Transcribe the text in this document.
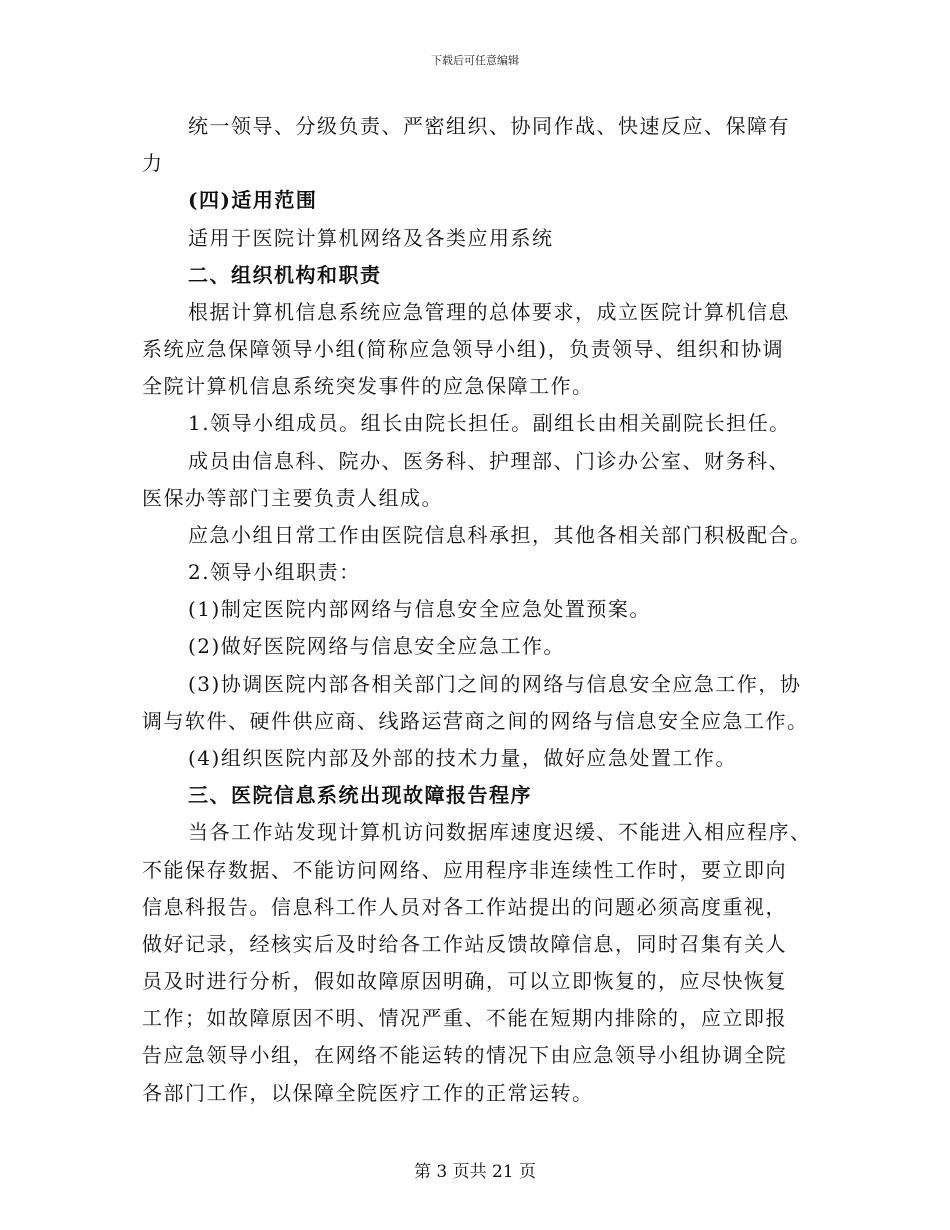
下载后可任意编辑
统一领导、分级负责、严密组织、协同作战、快速反应、保障有
力
(四)适用范围
适用于医院计算机网络及各类应用系统
二、组织机构和职责
根据计算机信息系统应急管理的总体要求，成立医院计算机信息
系统应急保障领导小组(简称应急领导小组)，负责领导、组织和协调
全院计算机信息系统突发事件的应急保障工作。
1.领导小组成员。组长由院长担任。副组长由相关副院长担任。
成员由信息科、院办、医务科、护理部、门诊办公室、财务科、
医保办等部门主要负责人组成。
应急小组日常工作由医院信息科承担，其他各相关部门积极配合。
2.领导小组职责：
(1)制定医院内部网络与信息安全应急处置预案。
(2)做好医院网络与信息安全应急工作。
(3)协调医院内部各相关部门之间的网络与信息安全应急工作，协
调与软件、硬件供应商、线路运营商之间的网络与信息安全应急工作。
(4)组织医院内部及外部的技术力量，做好应急处置工作。
三、医院信息系统出现故障报告程序
当各工作站发现计算机访问数据库速度迟缓、不能进入相应程序、
不能保存数据、不能访问网络、应用程序非连续性工作时，要立即向
信息科报告。信息科工作人员对各工作站提出的问题必须高度重视，
做好记录，经核实后及时给各工作站反馈故障信息，同时召集有关人
员及时进行分析，假如故障原因明确，可以立即恢复的，应尽快恢复
工作；如故障原因不明、情况严重、不能在短期内排除的，应立即报
告应急领导小组，在网络不能运转的情况下由应急领导小组协调全院
各部门工作，以保障全院医疗工作的正常运转。
第 3 页共 21 页
